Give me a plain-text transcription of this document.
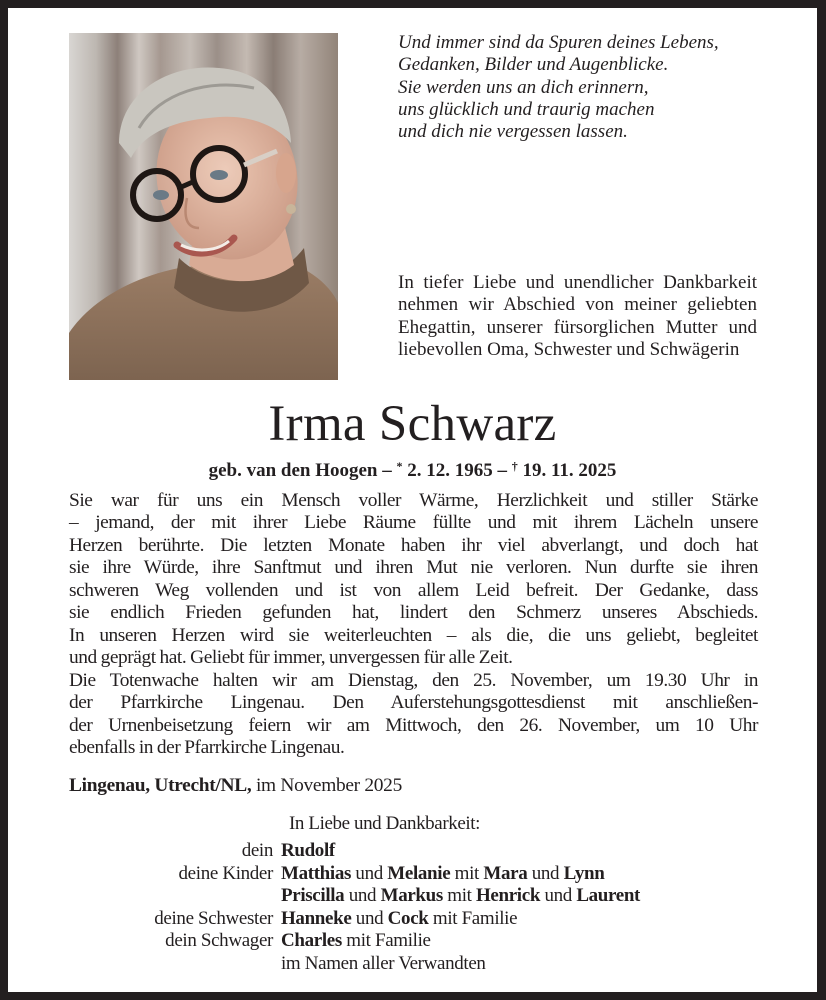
Und immer sind da Spuren deines Lebens,
Gedanken, Bilder und Augenblicke.
Sie werden uns an dich erinnern,
uns glücklich und traurig machen
und dich nie vergessen lassen.
In tiefer Liebe und unendlicher Dankbarkeit nehmen wir Abschied von meiner geliebten Ehegattin, unserer fürsorglichen Mutter und liebevollen Oma, Schwester und Schwägerin
Irma Schwarz
geb. van den Hoogen – * 2. 12. 1965 – † 19. 11. 2025
Sie war für uns ein Mensch voller Wärme, Herzlichkeit und stiller Stärke
– jemand, der mit ihrer Liebe Räume füllte und mit ihrem Lächeln unsere
Herzen berührte. Die letzten Monate haben ihr viel abverlangt, und doch hat
sie ihre Würde, ihre Sanftmut und ihren Mut nie verloren. Nun durfte sie ihren
schweren Weg vollenden und ist von allem Leid befreit. Der Gedanke, dass
sie endlich Frieden gefunden hat, lindert den Schmerz unseres Abschieds.
In unseren Herzen wird sie weiterleuchten – als die, die uns geliebt, begleitet
und geprägt hat. Geliebt für immer, unvergessen für alle Zeit.
Die Totenwache halten wir am Dienstag, den 25. November, um 19.30 Uhr in
der Pfarrkirche Lingenau. Den Auferstehungsgottesdienst mit anschließen-
der Urnenbeisetzung feiern wir am Mittwoch, den 26. November, um 10 Uhr
ebenfalls in der Pfarrkirche Lingenau.
Lingenau, Utrecht/NL, im November 2025
In Liebe und Dankbarkeit:
dein Rudolf
deine Kinder Matthias und Melanie mit Mara und Lynn
Priscilla und Markus mit Henrick und Laurent
deine Schwester Hanneke und Cock mit Familie
dein Schwager Charles mit Familie
im Namen aller Verwandten
